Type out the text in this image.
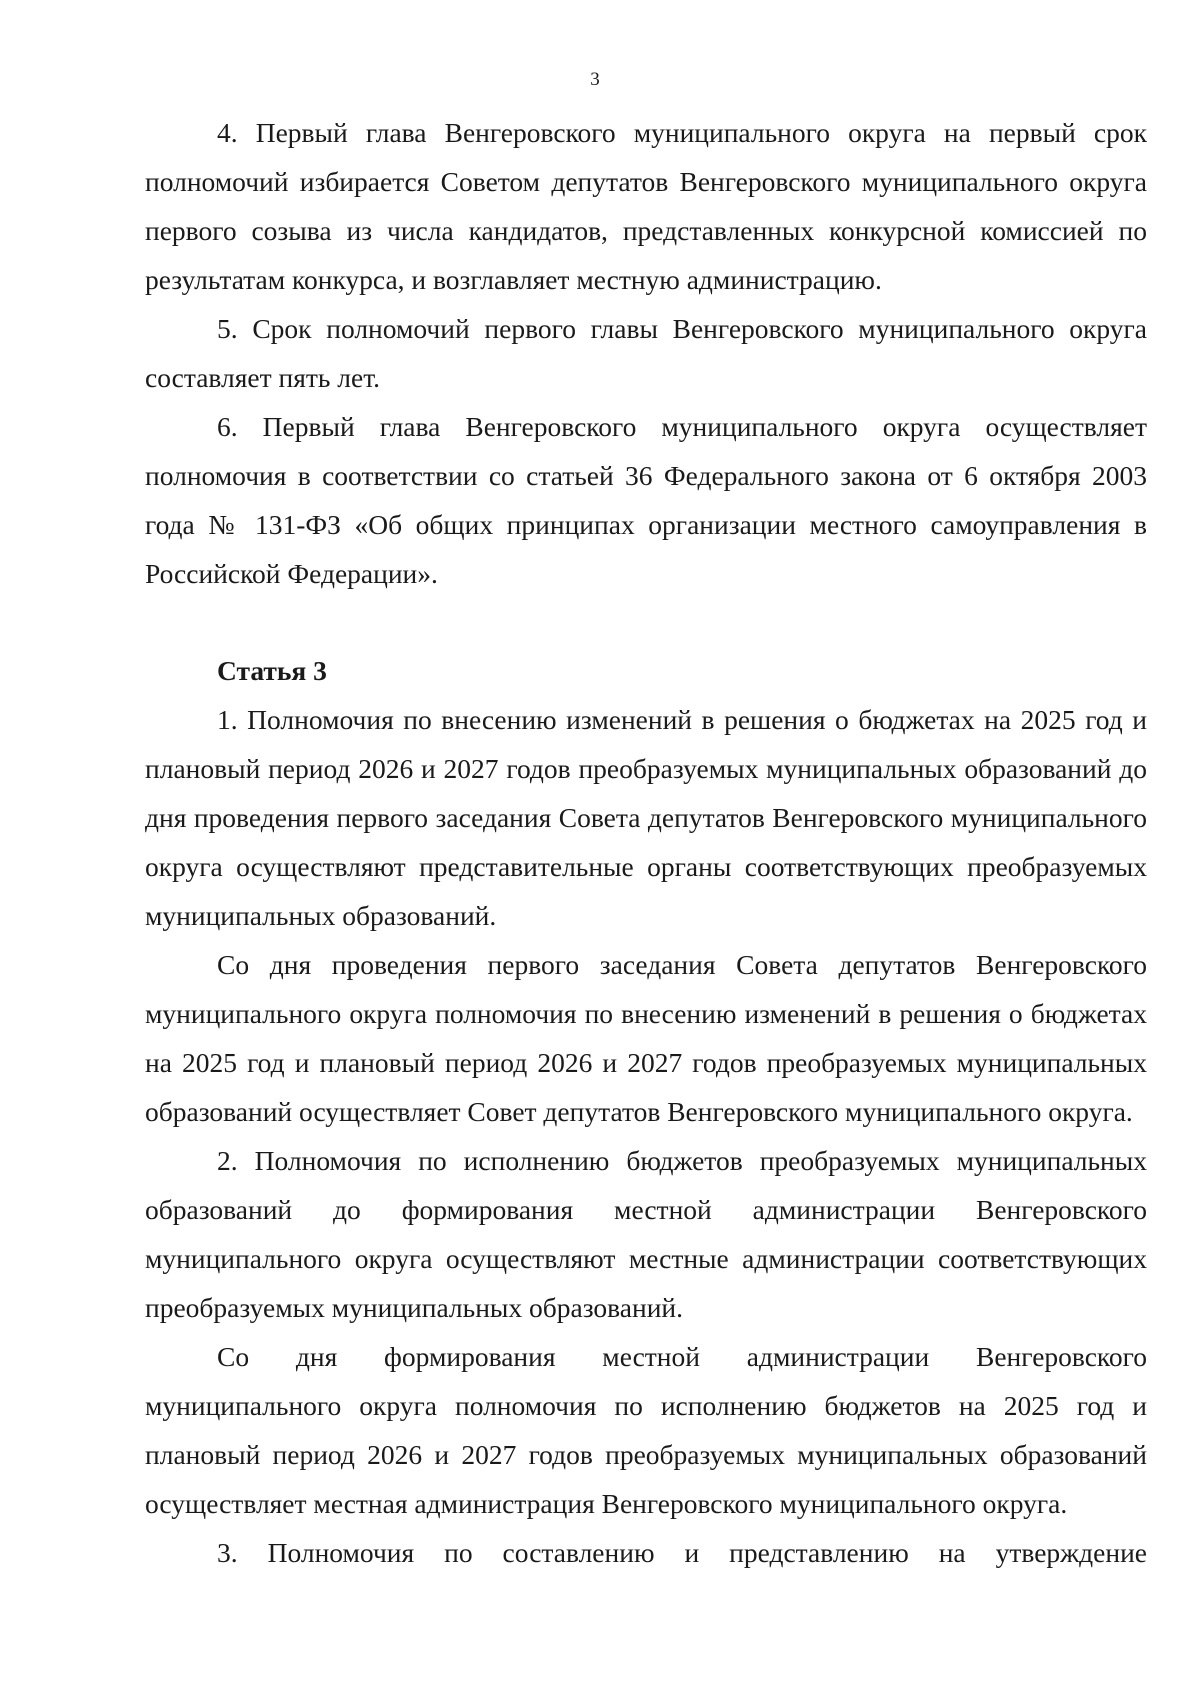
3

4. Первый глава Венгеровского муниципального округа на первый срок полномочий избирается Советом депутатов Венгеровского муниципального округа первого созыва из числа кандидатов, представленных конкурсной комиссией по результатам конкурса, и возглавляет местную администрацию.

5. Срок полномочий первого главы Венгеровского муниципального округа составляет пять лет.

6. Первый глава Венгеровского муниципального округа осуществляет полномочия в соответствии со статьей 36 Федерального закона от 6 октября 2003 года № 131-ФЗ «Об общих принципах организации местного самоуправления в Российской Федерации».

Статья 3

1. Полномочия по внесению изменений в решения о бюджетах на 2025 год и плановый период 2026 и 2027 годов преобразуемых муниципальных образований до дня проведения первого заседания Совета депутатов Венгеровского муниципального округа осуществляют представительные органы соответствующих преобразуемых муниципальных образований.

Со дня проведения первого заседания Совета депутатов Венгеровского муниципального округа полномочия по внесению изменений в решения о бюджетах на 2025 год и плановый период 2026 и 2027 годов преобразуемых муниципальных образований осуществляет Совет депутатов Венгеровского муниципального округа.

2. Полномочия по исполнению бюджетов преобразуемых муниципальных образований до формирования местной администрации Венгеровского муниципального округа осуществляют местные администрации соответствующих преобразуемых муниципальных образований.

Со дня формирования местной администрации Венгеровского муниципального округа полномочия по исполнению бюджетов на 2025 год и плановый период 2026 и 2027 годов преобразуемых муниципальных образований осуществляет местная администрация Венгеровского муниципального округа.

3. Полномочия по составлению и представлению на утверждение
